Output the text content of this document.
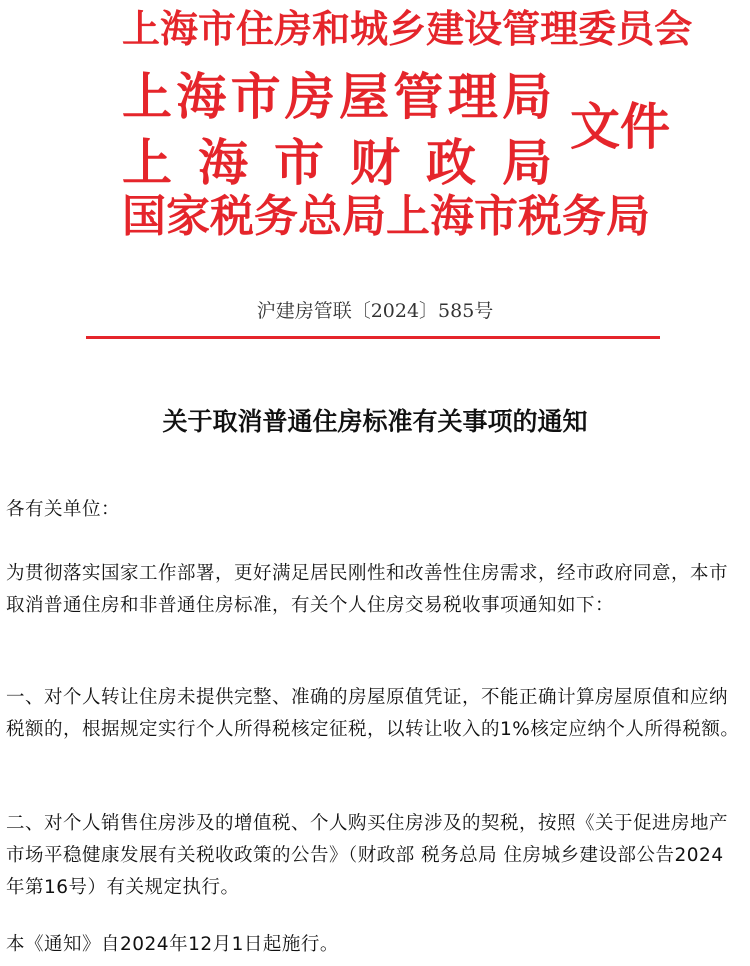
上 海 市 住 房 和 城 乡 建 设 管 理 委 员 会
上 海 市 房 屋 管 理 局
上 海 市 财 政 局
国 家 税 务 总 局 上 海 市 税 务 局
文件
沪建房管联〔2024〕585号
关于取消普通住房标准有关事项的通知
各有关单位：
为贯彻落实国家工作部署，更好满足居民刚性和改善性住房需求，经市政府同意，本市取消普通住房和非普通住房标准，有关个人住房交易税收事项通知如下：
一、对个人转让住房未提供完整、准确的房屋原值凭证，不能正确计算房屋原值和应纳税额的，根据规定实行个人所得税核定征税，以转让收入的1%核定应纳个人所得税额。
二、对个人销售住房涉及的增值税、个人购买住房涉及的契税，按照《关于促进房地产市场平稳健康发展有关税收政策的公告》（财政部 税务总局 住房城乡建设部公告2024年第16号）有关规定执行。
本《通知》自2024年12月1日起施行。
